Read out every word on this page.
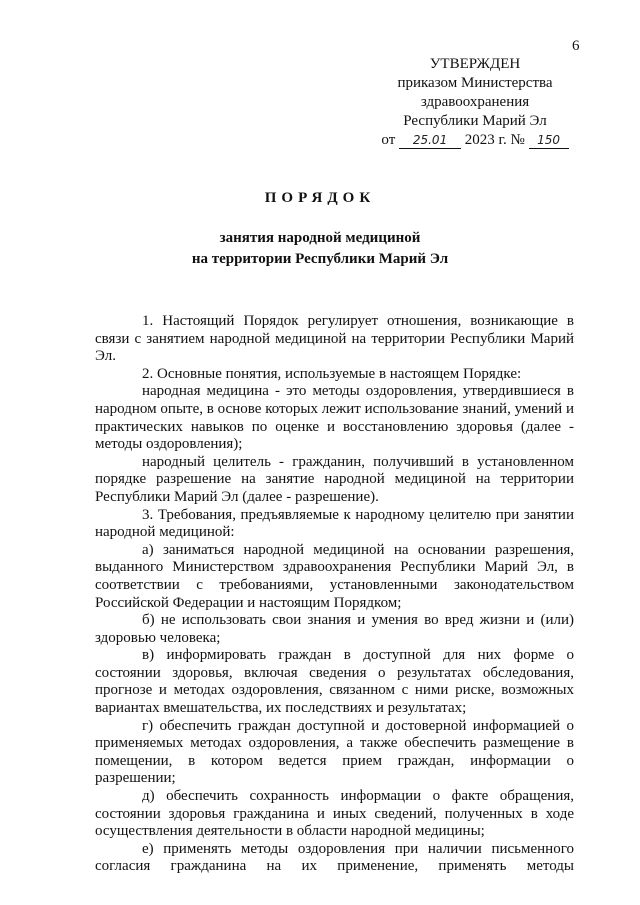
6
УТВЕРЖДЕН
приказом Министерства
здравоохранения
Республики Марий Эл
от 25.01 2023 г. № 150
ПОРЯДОК
занятия народной медициной
на территории Республики Марий Эл

1. Настоящий Порядок регулирует отношения, возникающие в связи с занятием народной медициной на территории Республики Марий Эл.

2. Основные понятия, используемые в настоящем Порядке:

народная медицина - это методы оздоровления, утвердившиеся в народном опыте, в основе которых лежит использование знаний, умений и практических навыков по оценке и восстановлению здоровья (далее - методы оздоровления);

народный целитель - гражданин, получивший в установленном порядке разрешение на занятие народной медициной на территории Республики Марий Эл (далее - разрешение).

3. Требования, предъявляемые к народному целителю при занятии народной медициной:

а) заниматься народной медициной на основании разрешения, выданного Министерством здравоохранения Республики Марий Эл, в соответствии с требованиями, установленными законодательством Российской Федерации и настоящим Порядком;

б) не использовать свои знания и умения во вред жизни и (или) здоровью человека;

в) информировать граждан в доступной для них форме о состоянии здоровья, включая сведения о результатах обследования, прогнозе и методах оздоровления, связанном с ними риске, возможных вариантах вмешательства, их последствиях и результатах;

г) обеспечить граждан доступной и достоверной информацией о применяемых методах оздоровления, а также обеспечить размещение в помещении, в котором ведется прием граждан, информации о разрешении;

д) обеспечить сохранность информации о факте обращения, состоянии здоровья гражданина и иных сведений, полученных в ходе осуществления деятельности в области народной медицины;

е) применять методы оздоровления при наличии письменного согласия гражданина на их применение, применять методы
